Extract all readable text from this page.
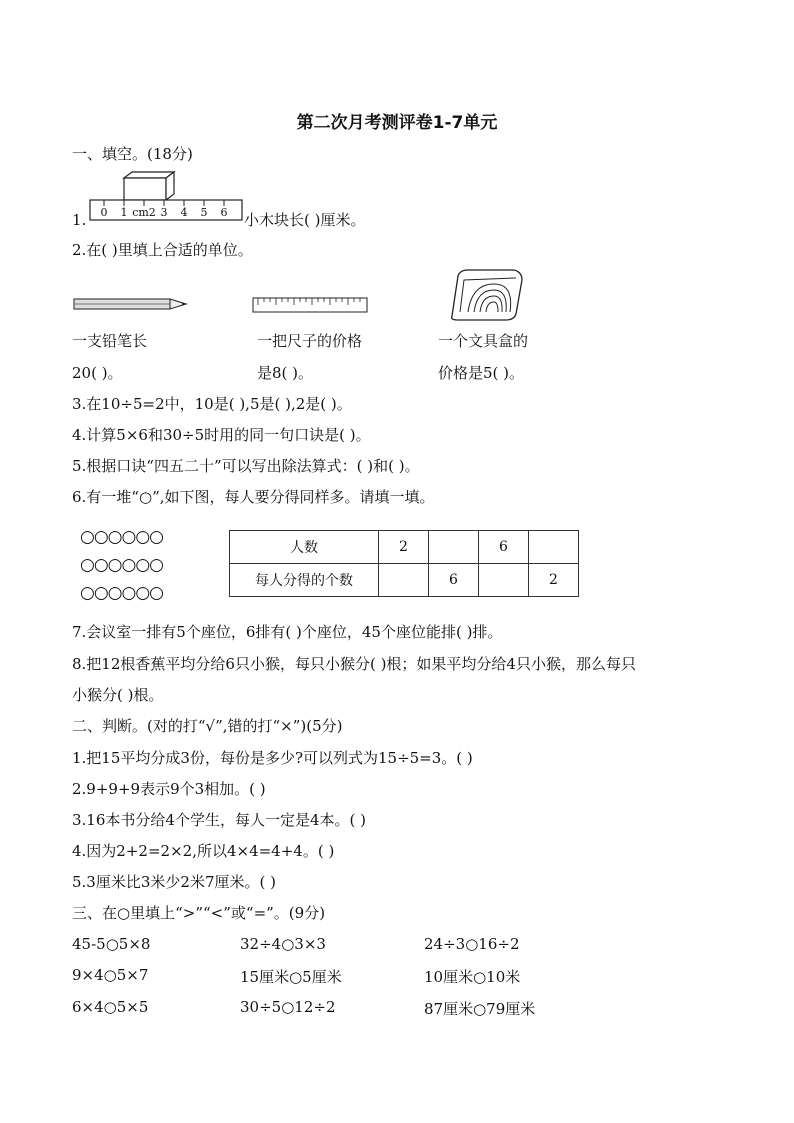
第二次月考测评卷1-7单元
一、填空。(18分)
1. 0 1 cm2 3 4 5 6 小木块长( )厘米。
2.在( )里填上合适的单位。
一支铅笔长
20( )。
一把尺子的价格
是8( )。
一个文具盒的
价格是5( )。
3.在10÷5=2中，10是( ),5是( ),2是( )。
4.计算5×6和30÷5时用的同一句口诀是( )。
5.根据口诀“四五二十”可以写出除法算式：( )和( )。
6.有一堆“○”,如下图，每人要分得同样多。请填一填。
○○○○○○
○○○○○○
○○○○○○
人数	2		6	
每人分得的个数		6		2
7.会议室一排有5个座位，6排有( )个座位，45个座位能排( )排。
8.把12根香蕉平均分给6只小猴，每只小猴分( )根；如果平均分给4只小猴，那么每只
小猴分( )根。
二、判断。(对的打“√”,错的打“×”)(5分)
1.把15平均分成3份，每份是多少?可以列式为15÷5=3。( )
2.9+9+9表示9个3相加。( )
3.16本书分给4个学生，每人一定是4本。( )
4.因为2+2=2×2,所以4×4=4+4。( )
5.3厘米比3米少2米7厘米。( )
三、在○里填上“>”“<”或“=”。(9分)
45-5○5×8	32÷4○3×3	24÷3○16÷2
9×4○5×7	15厘米○5厘米	10厘米○10米
6×4○5×5	30÷5○12÷2	87厘米○79厘米
